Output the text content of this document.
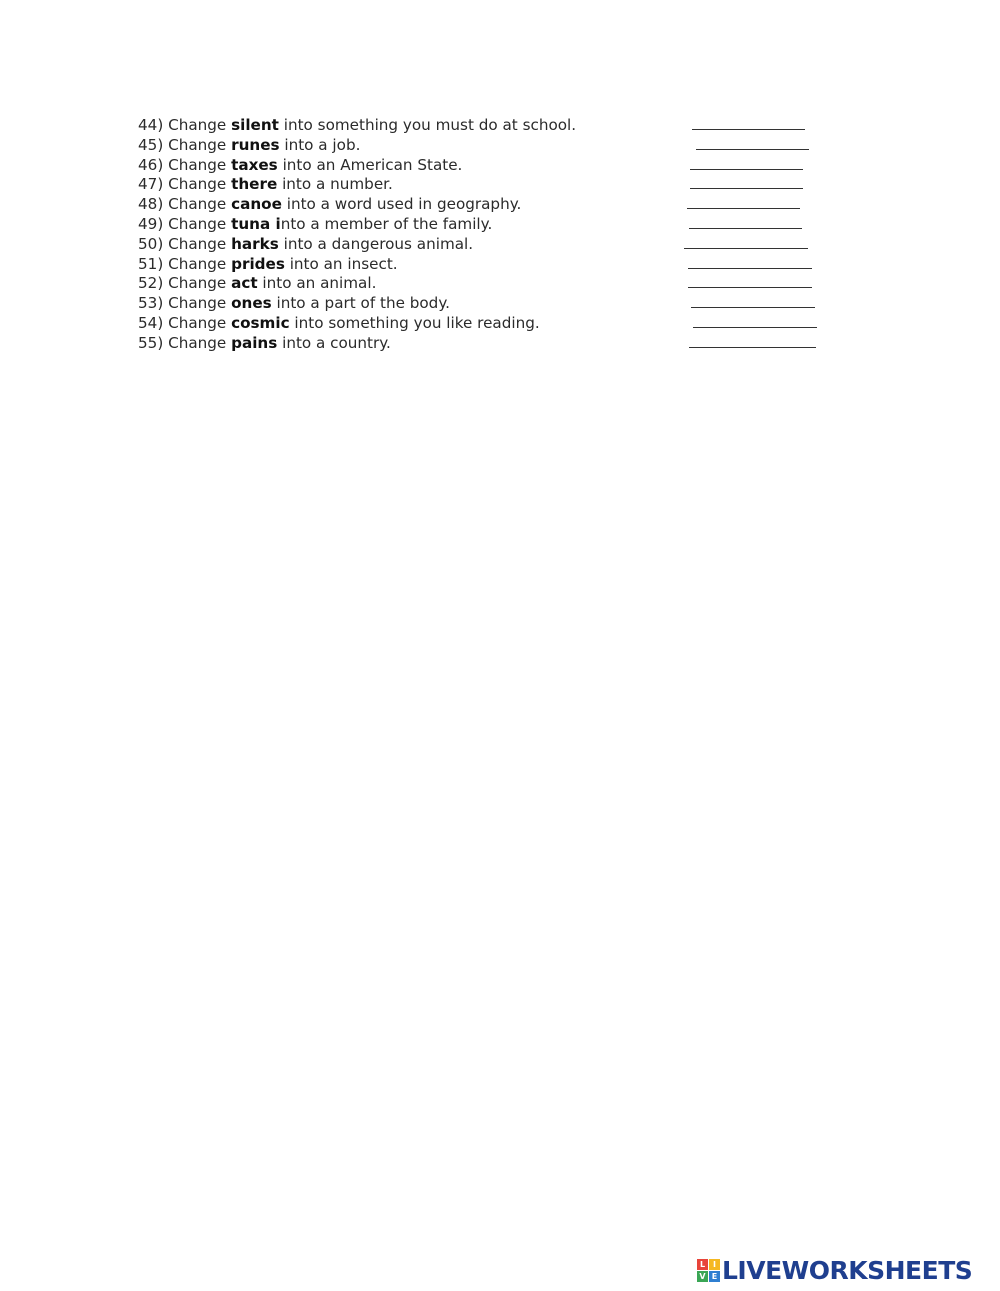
44) Change silent into something you must do at school.
45) Change runes into a job.
46) Change taxes into an American State.
47) Change there into a number.
48) Change canoe into a word used in geography.
49) Change tuna into a member of the family.
50) Change harks into a dangerous animal.
51) Change prides into an insect.
52) Change act into an animal.
53) Change ones into a part of the body.
54) Change cosmic into something you like reading.
55) Change pains into a country.
L I
V E LIVEWORKSHEETS
